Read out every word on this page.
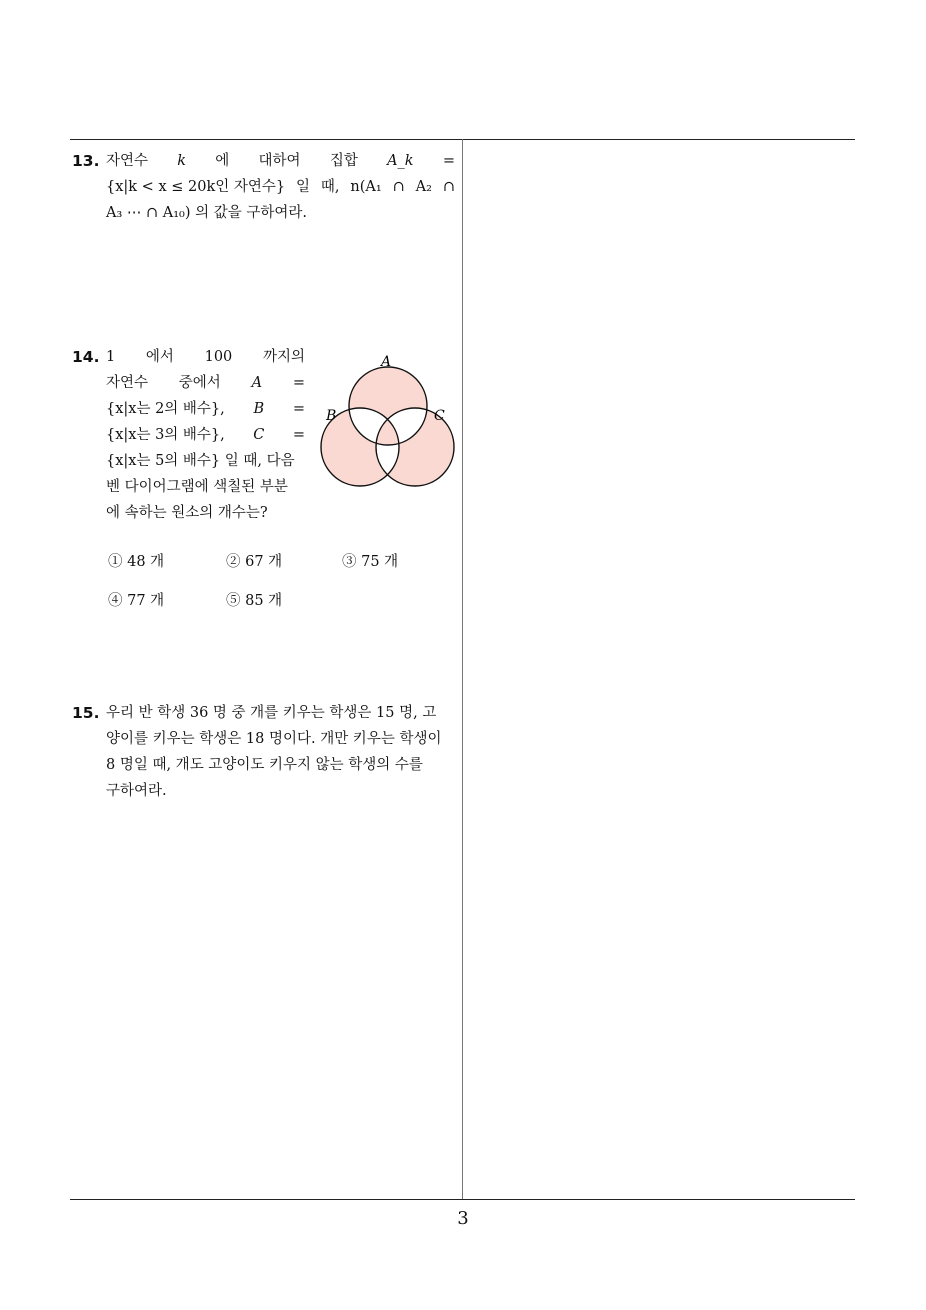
13. 자연수 k 에 대하여 집합 A_k =
{x|k < x ≤ 20k인 자연수} 일 때, n(A₁ ∩ A₂ ∩
A₃ ⋯ ∩ A₁₀) 의 값을 구하여라.
14. 1 에서 100 까지의
자연수 중에서 A =
{x|x는 2의 배수}, B =
{x|x는 3의 배수}, C =
{x|x는 5의 배수} 일 때, 다음
벤 다이어그램에 색칠된 부분
에 속하는 원소의 개수는?
A
B	C
① 48 개	② 67 개	③ 75 개
④ 77 개	⑤ 85 개
15. 우리 반 학생 36 명 중 개를 키우는 학생은 15 명, 고
양이를 키우는 학생은 18 명이다. 개만 키우는 학생이
8 명일 때, 개도 고양이도 키우지 않는 학생의 수를
구하여라.
3
